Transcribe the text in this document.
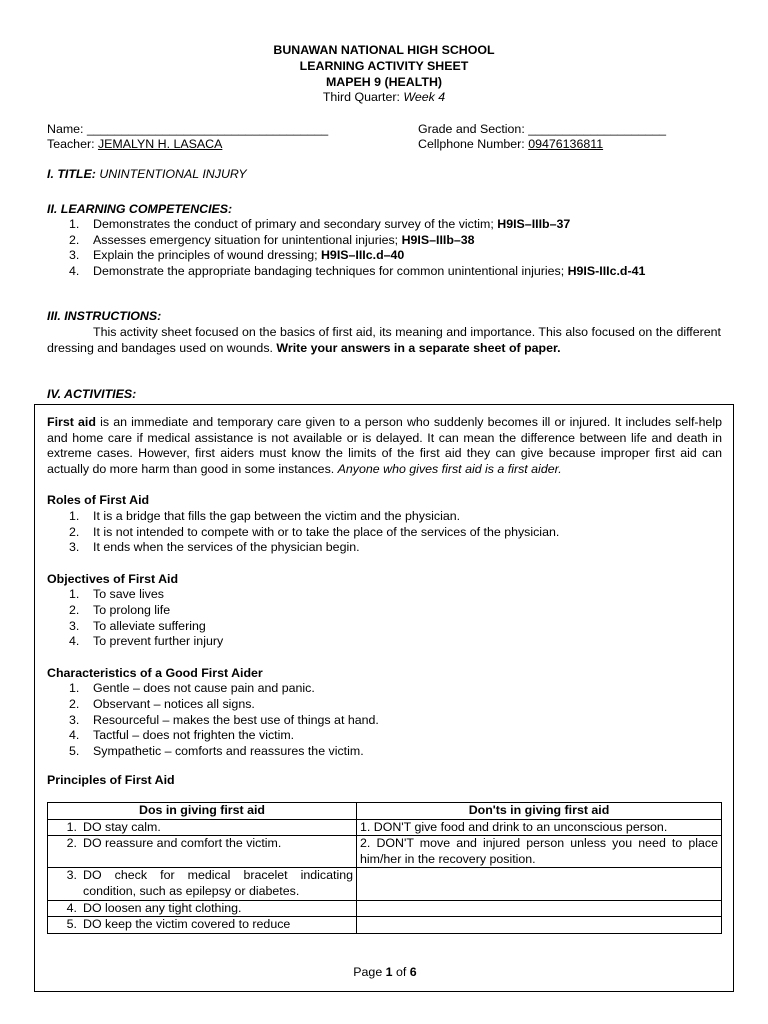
BUNAWAN NATIONAL HIGH SCHOOL
LEARNING ACTIVITY SHEET
MAPEH 9 (HEALTH)
Third Quarter: Week 4
Name: ___________________________________	Grade and Section: ____________________
Teacher: JEMALYN H. LASACA	Cellphone Number: 09476136811
I. TITLE: UNINTENTIONAL INJURY
II. LEARNING COMPETENCIES:
1. Demonstrates the conduct of primary and secondary survey of the victim; H9IS–IIIb–37
2. Assesses emergency situation for unintentional injuries; H9IS–IIIb–38
3. Explain the principles of wound dressing; H9IS–IIIc.d–40
4. Demonstrate the appropriate bandaging techniques for common unintentional injuries; H9IS-IIIc.d-41
III. INSTRUCTIONS:
This activity sheet focused on the basics of first aid, its meaning and importance. This also focused on the different dressing and bandages used on wounds. Write your answers in a separate sheet of paper.
IV. ACTIVITIES:
First aid is an immediate and temporary care given to a person who suddenly becomes ill or injured. It includes self-help and home care if medical assistance is not available or is delayed. It can mean the difference between life and death in extreme cases. However, first aiders must know the limits of the first aid they can give because improper first aid can actually do more harm than good in some instances. Anyone who gives first aid is a first aider.
Roles of First Aid
1. It is a bridge that fills the gap between the victim and the physician.
2. It is not intended to compete with or to take the place of the services of the physician.
3. It ends when the services of the physician begin.
Objectives of First Aid
1. To save lives
2. To prolong life
3. To alleviate suffering
4. To prevent further injury
Characteristics of a Good First Aider
1. Gentle – does not cause pain and panic.
2. Observant – notices all signs.
3. Resourceful – makes the best use of things at hand.
4. Tactful – does not frighten the victim.
5. Sympathetic – comforts and reassures the victim.
Principles of First Aid
Dos in giving first aid	Don'ts in giving first aid

1. DO stay calm.	1. DON'T give food and drink to an unconscious person.

2. DO reassure and comfort the victim.	2. DON'T move and injured person unless you need to place him/her in the recovery position.

3. DO check for medical bracelet indicating condition, such as epilepsy or diabetes.	

4. DO loosen any tight clothing.	

5. DO keep the victim covered to reduce	

Page 1 of 6
